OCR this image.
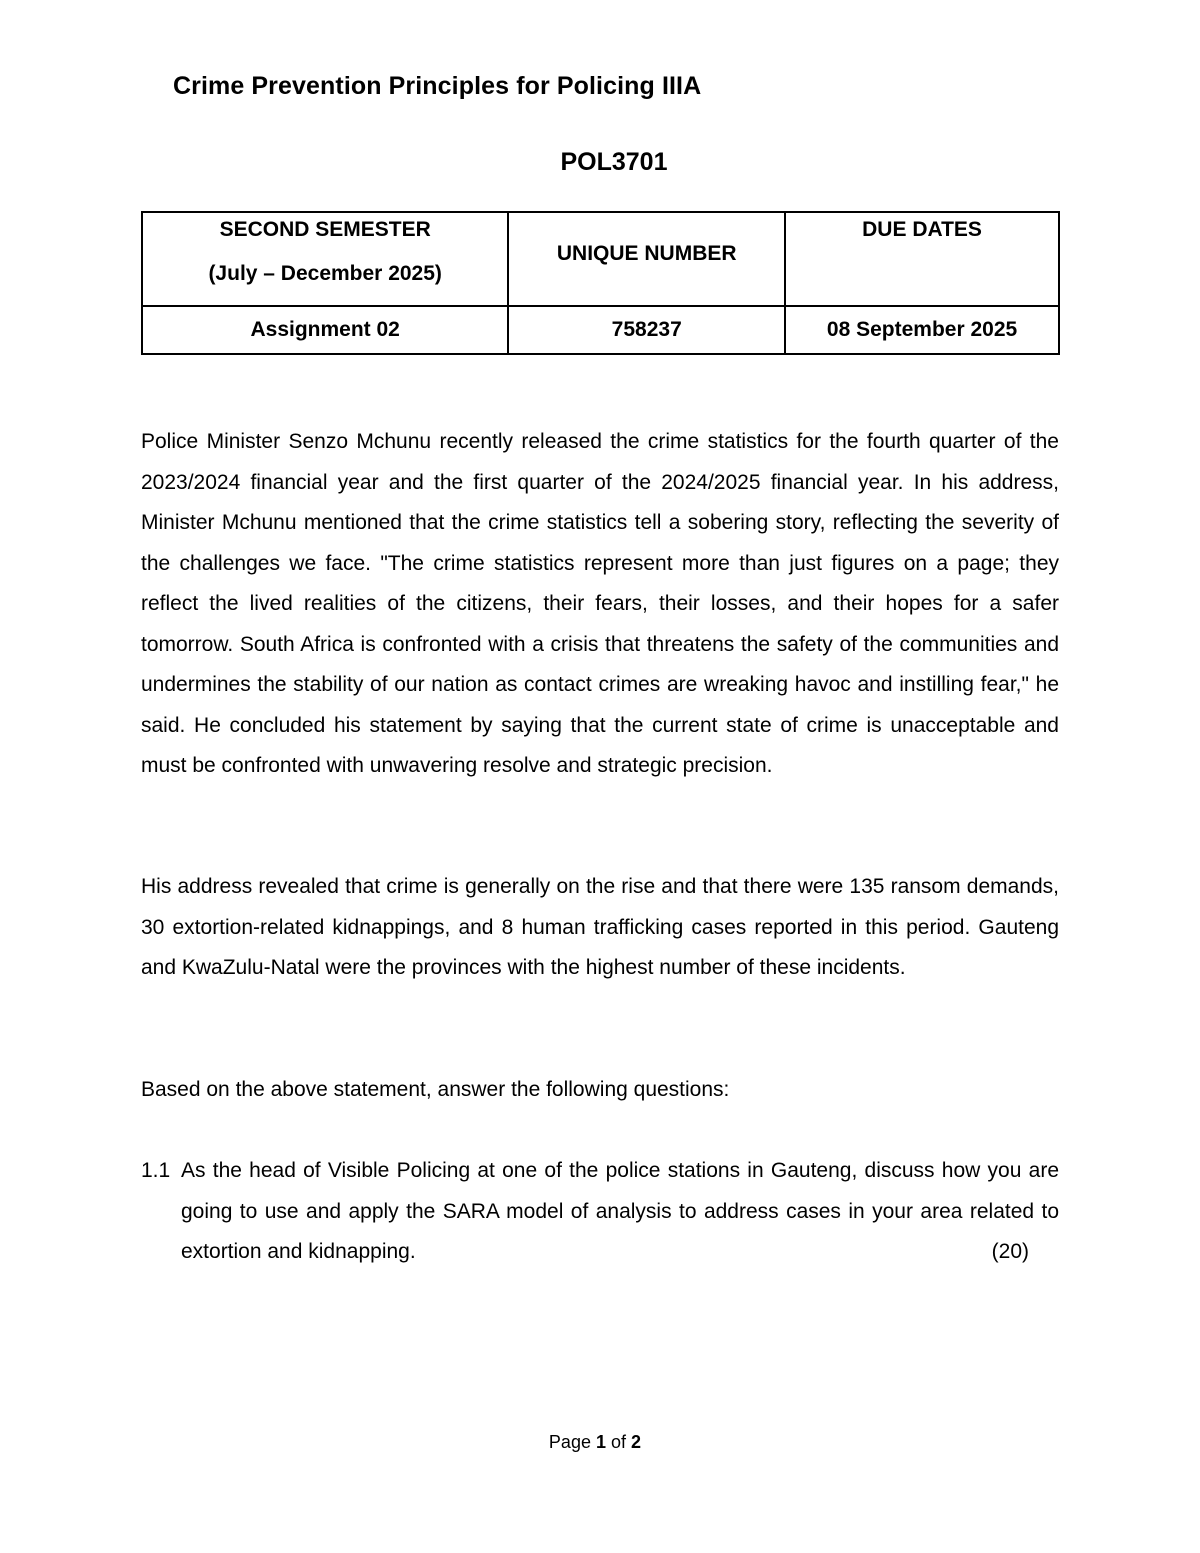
Crime Prevention Principles for Policing IIIA
POL3701
SECOND SEMESTER
(July – December 2025)	UNIQUE NUMBER	DUE DATES

Assignment 02	758237	08 September 2025

Police Minister Senzo Mchunu recently released the crime statistics for the fourth quarter of the 2023/2024 financial year and the first quarter of the 2024/2025 financial year. In his address, Minister Mchunu mentioned that the crime statistics tell a sobering story, reflecting the severity of the challenges we face. "The crime statistics represent more than just figures on a page; they reflect the lived realities of the citizens, their fears, their losses, and their hopes for a safer tomorrow. South Africa is confronted with a crisis that threatens the safety of the communities and undermines the stability of our nation as contact crimes are wreaking havoc and instilling fear," he said. He concluded his statement by saying that the current state of crime is unacceptable and must be confronted with unwavering resolve and strategic precision.

His address revealed that crime is generally on the rise and that there were 135 ransom demands, 30 extortion-related kidnappings, and 8 human trafficking cases reported in this period. Gauteng and KwaZulu-Natal were the provinces with the highest number of these incidents.

Based on the above statement, answer the following questions:

1.1 As the head of Visible Policing at one of the police stations in Gauteng, discuss how you are going to use and apply the SARA model of analysis to address cases in your area related to extortion and kidnapping.	(20)
Page 1 of 2
